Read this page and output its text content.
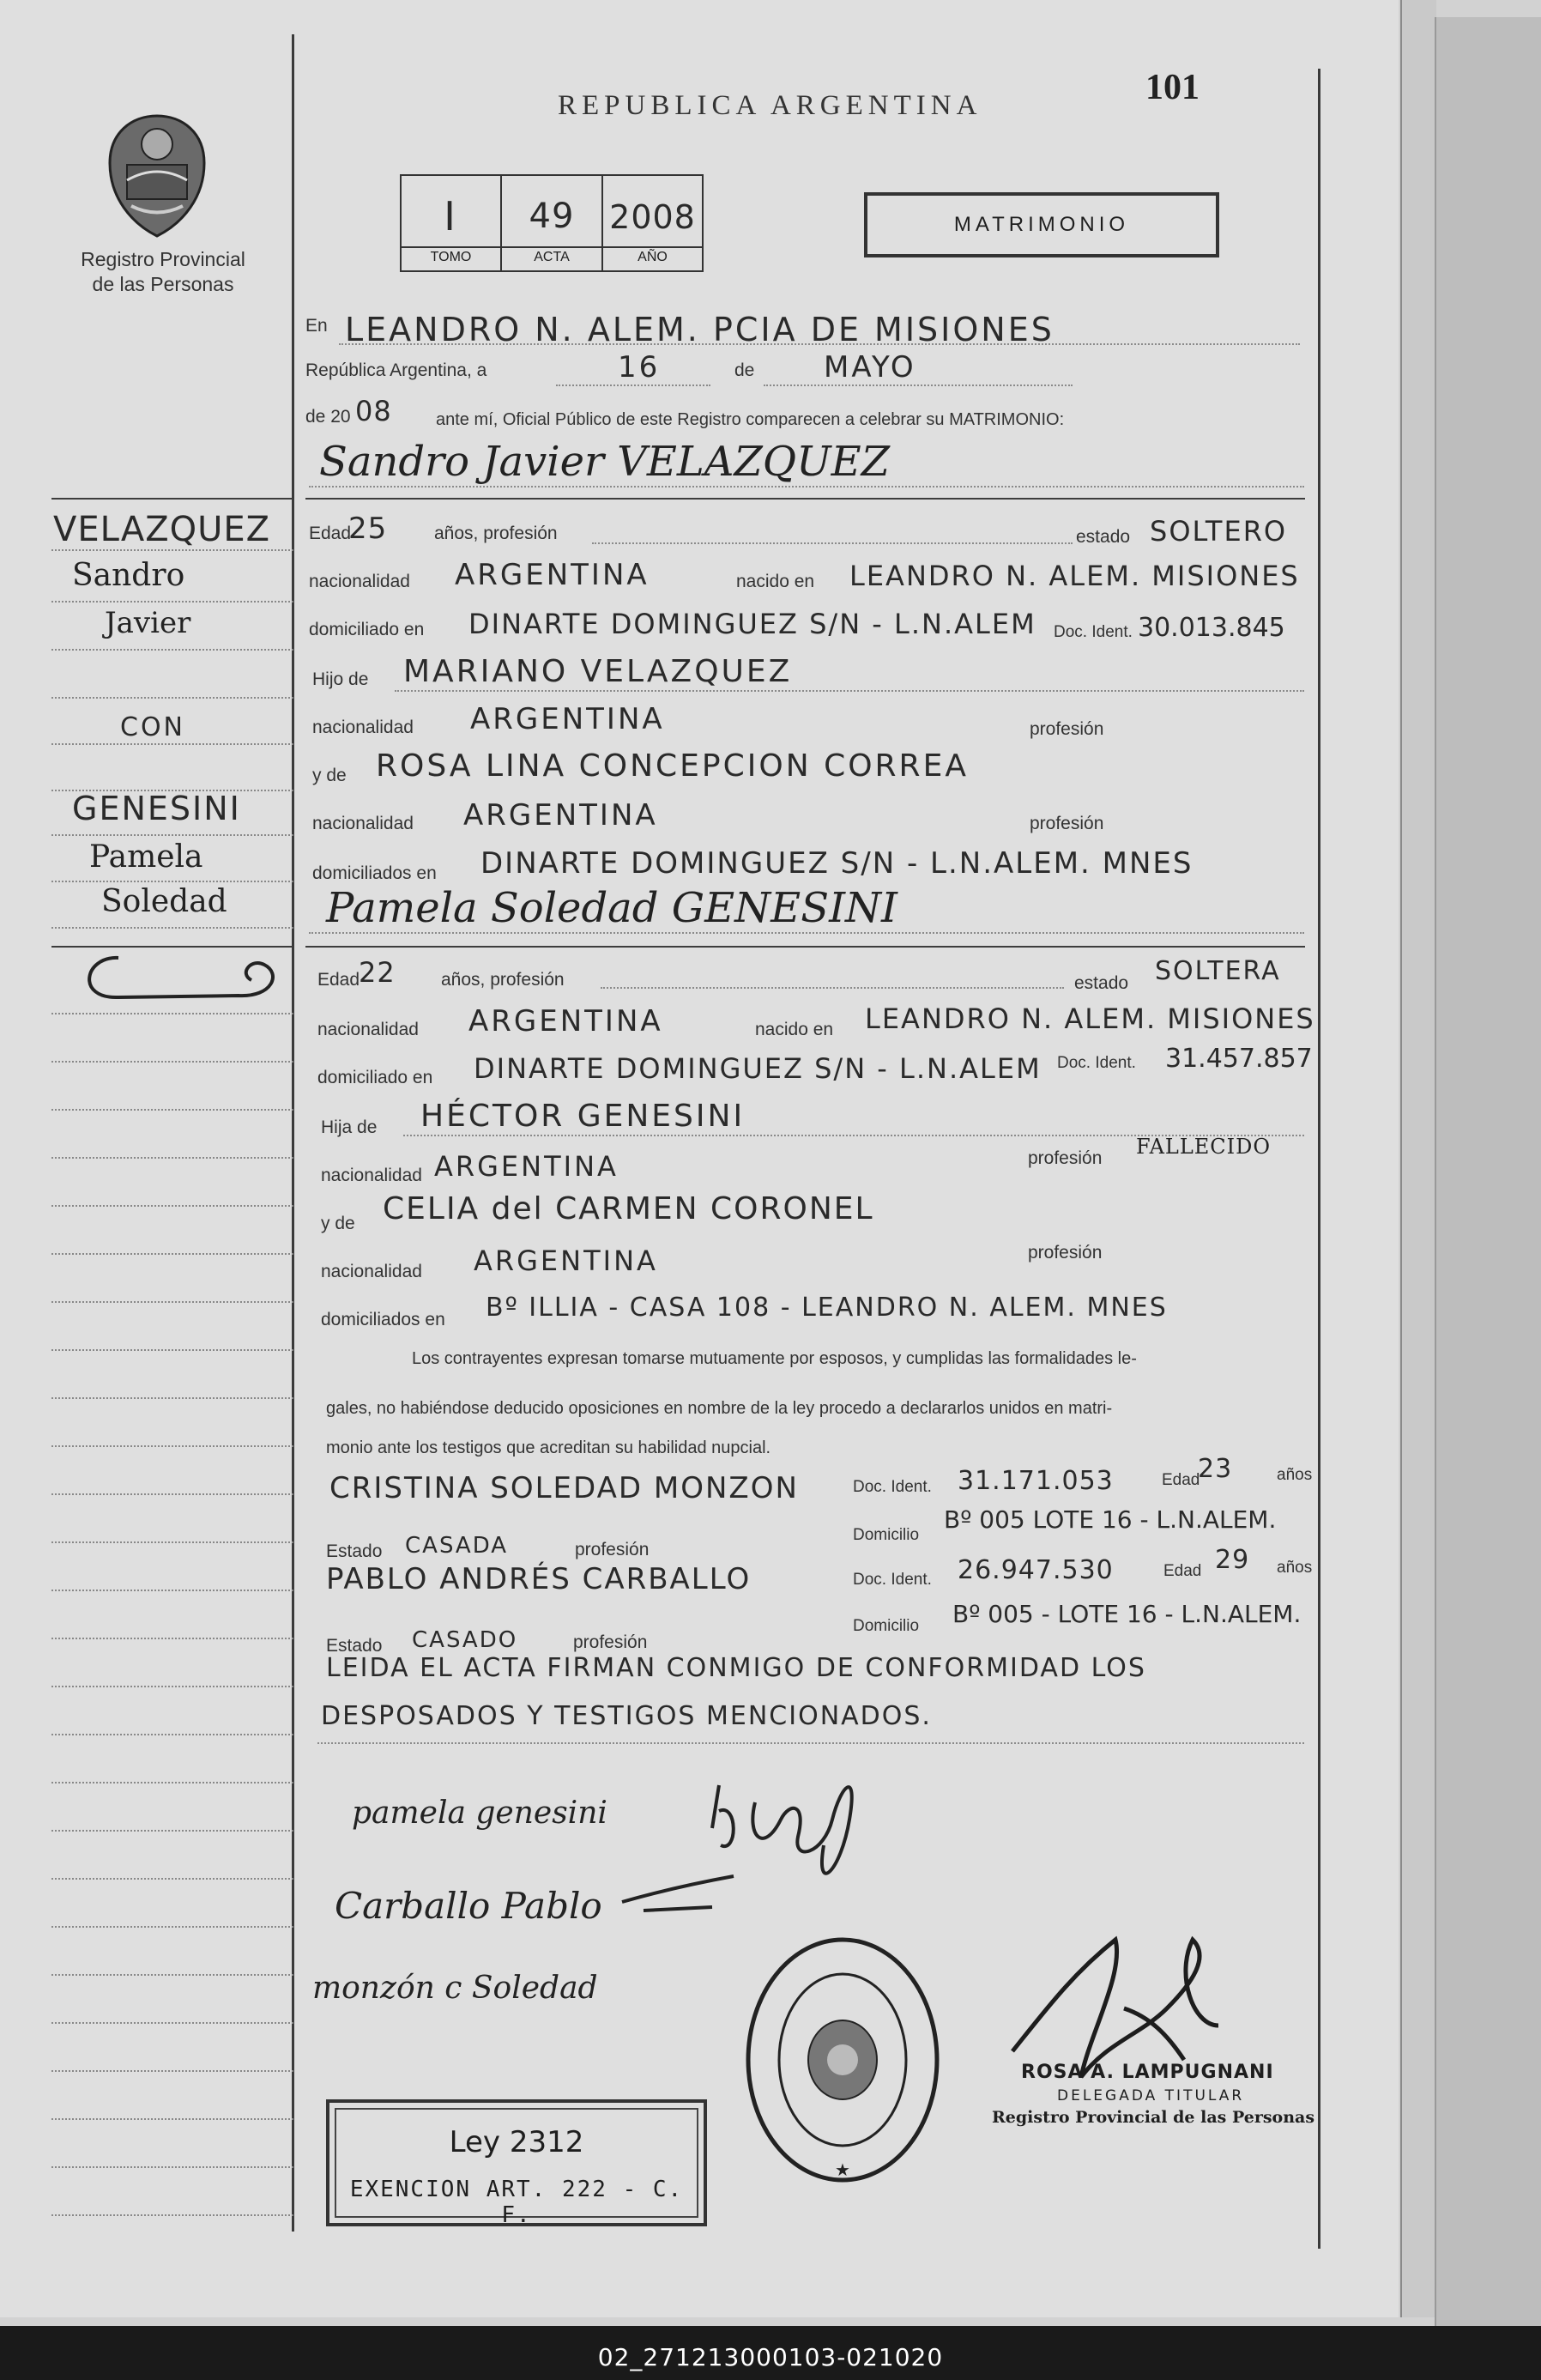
Registro Provincial
de las Personas
REPUBLICA ARGENTINA	101
I	49	2008
TOMO	ACTA	AÑO
MATRIMONIO
En LEANDRO N. ALEM. PCIA DE MISIONES
República Argentina, a	16	de MAYO
de 20 08	ante mí, Oficial Público de este Registro comparecen a celebrar su MATRIMONIO:
Sandro Javier VELAZQUEZ
VELAZQUEZ
Sandro
Javier
CON
GENESINI
Pamela
Soledad
Edad
25	años, profesión	estado SOLTERO
nacionalidad ARGENTINA	nacido en LEANDRO N. ALEM. MISIONES
domiciliado en DINARTE DOMINGUEZ S/N - L.N.ALEM Doc. Ident. 30.013.845
Hijo de MARIANO VELAZQUEZ
nacionalidad ARGENTINA	profesión
y de ROSA LINA CONCEPCION CORREA
nacionalidad ARGENTINA	profesión
domiciliados en DINARTE DOMINGUEZ S/N - L.N.ALEM. MNES
Pamela Soledad GENESINI
Edad
22	años, profesión	estado SOLTERA
nacionalidad ARGENTINA	nacido en LEANDRO N. ALEM. MISIONES
domiciliado en DINARTE DOMINGUEZ S/N - L.N.ALEM Doc. Ident. 31.457.857
Hija de HÉCTOR GENESINI
nacionalidad ARGENTINA	profesión FALLECIDO
y de CELIA del CARMEN CORONEL
nacionalidad ARGENTINA	profesión
domiciliados en Bº ILLIA - CASA 108 - LEANDRO N. ALEM. MNES
Los contrayentes expresan tomarse mutuamente por esposos, y cumplidas las formalidades le-
gales, no habiéndose deducido oposiciones en nombre de la ley procedo a declararlos unidos en matri-
monio ante los testigos que acreditan su habilidad nupcial.
CRISTINA SOLEDAD MONZON	Doc. Ident. 31.171.053	Edad
23	años
Estado CASADA	profesión
Domicilio
Bº 005 LOTE 16 - L.N.ALEM.
PABLO ANDRÉS CARBALLO	Doc. Ident. 26.947.530	Edad 29 años
Estado CASADO	profesión
Domicilio Bº 005 - LOTE 16 - L.N.ALEM.
LEIDA EL ACTA FIRMAN CONMIGO DE CONFORMIDAD LOS
DESPOSADOS Y TESTIGOS MENCIONADOS.
pamela genesini
Carballo Pablo
monzón c Soledad
★
Ley 2312
EXENCION ART. 222 - C. F.
ROSA A. LAMPUGNANI
DELEGADA TITULAR
Registro Provincial de las Personas
02_271213000103-021020
